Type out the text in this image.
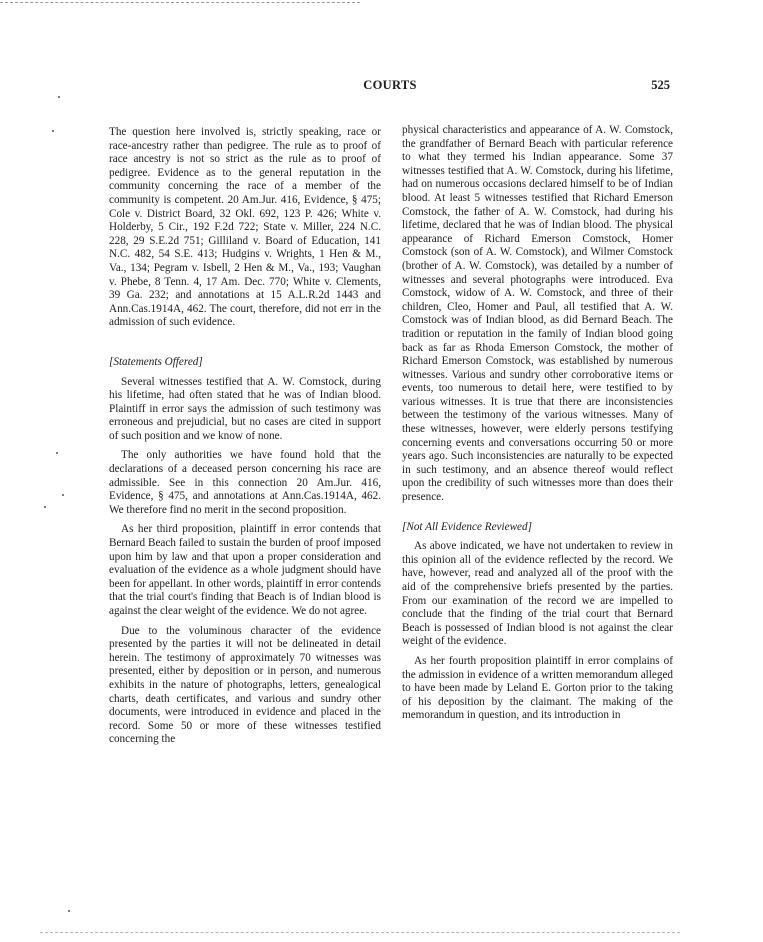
COURTS	525

The question here involved is, strictly speaking, race or race-ancestry rather than pedigree. The rule as to proof of race ancestry is not so strict as the rule as to proof of pedigree. Evidence as to the general reputation in the community concerning the race of a member of the community is competent. 20 Am.Jur. 416, Evidence, § 475; Cole v. District Board, 32 Okl. 692, 123 P. 426; White v. Holderby, 5 Cir., 192 F.2d 722; State v. Miller, 224 N.C. 228, 29 S.E.2d 751; Gilliland v. Board of Education, 141 N.C. 482, 54 S.E. 413; Hudgins v. Wrights, 1 Hen & M., Va., 134; Pegram v. Isbell, 2 Hen & M., Va., 193; Vaughan v. Phebe, 8 Tenn. 4, 17 Am. Dec. 770; White v. Clements, 39 Ga. 232; and annotations at 15 A.L.R.2d 1443 and Ann.Cas.1914A, 462. The court, therefore, did not err in the admission of such evidence.

[Statements Offered]

Several witnesses testified that A. W. Comstock, during his lifetime, had often stated that he was of Indian blood. Plaintiff in error says the admission of such testimony was erroneous and prejudicial, but no cases are cited in support of such position and we know of none.

The only authorities we have found hold that the declarations of a deceased person concerning his race are admissible. See in this connection 20 Am.Jur. 416, Evidence, § 475, and annotations at Ann.Cas.1914A, 462. We therefore find no merit in the second proposition.

As her third proposition, plaintiff in error contends that Bernard Beach failed to sustain the burden of proof imposed upon him by law and that upon a proper consideration and evaluation of the evidence as a whole judgment should have been for appellant. In other words, plaintiff in error contends that the trial court's finding that Beach is of Indian blood is against the clear weight of the evidence. We do not agree.

Due to the voluminous character of the evidence presented by the parties it will not be delineated in detail herein. The testimony of approximately 70 witnesses was presented, either by deposition or in person, and numerous exhibits in the nature of photographs, letters, genealogical charts, death certificates, and various and sundry other documents, were introduced in evidence and placed in the record. Some 50 or more of these witnesses testified concerning the

physical characteristics and appearance of A. W. Comstock, the grandfather of Bernard Beach with particular reference to what they termed his Indian appearance. Some 37 witnesses testified that A. W. Comstock, during his lifetime, had on numerous occasions declared himself to be of Indian blood. At least 5 witnesses testified that Richard Emerson Comstock, the father of A. W. Comstock, had during his lifetime, declared that he was of Indian blood. The physical appearance of Richard Emerson Comstock, Homer Comstock (son of A. W. Comstock), and Wilmer Comstock (brother of A. W. Comstock), was detailed by a number of witnesses and several photographs were introduced. Eva Comstock, widow of A. W. Comstock, and three of their children, Cleo, Homer and Paul, all testified that A. W. Comstock was of Indian blood, as did Bernard Beach. The tradition or reputation in the family of Indian blood going back as far as Rhoda Emerson Comstock, the mother of Richard Emerson Comstock, was established by numerous witnesses. Various and sundry other corroborative items or events, too numerous to detail here, were testified to by various witnesses. It is true that there are inconsistencies between the testimony of the various witnesses. Many of these witnesses, however, were elderly persons testifying concerning events and conversations occurring 50 or more years ago. Such inconsistencies are naturally to be expected in such testimony, and an absence thereof would reflect upon the credibility of such witnesses more than does their presence.

[Not All Evidence Reviewed]

As above indicated, we have not undertaken to review in this opinion all of the evidence reflected by the record. We have, however, read and analyzed all of the proof with the aid of the comprehensive briefs presented by the parties. From our examination of the record we are impelled to conclude that the finding of the trial court that Bernard Beach is possessed of Indian blood is not against the clear weight of the evidence.

As her fourth proposition plaintiff in error complains of the admission in evidence of a written memorandum alleged to have been made by Leland E. Gorton prior to the taking of his deposition by the claimant. The making of the memorandum in question, and its introduction in
